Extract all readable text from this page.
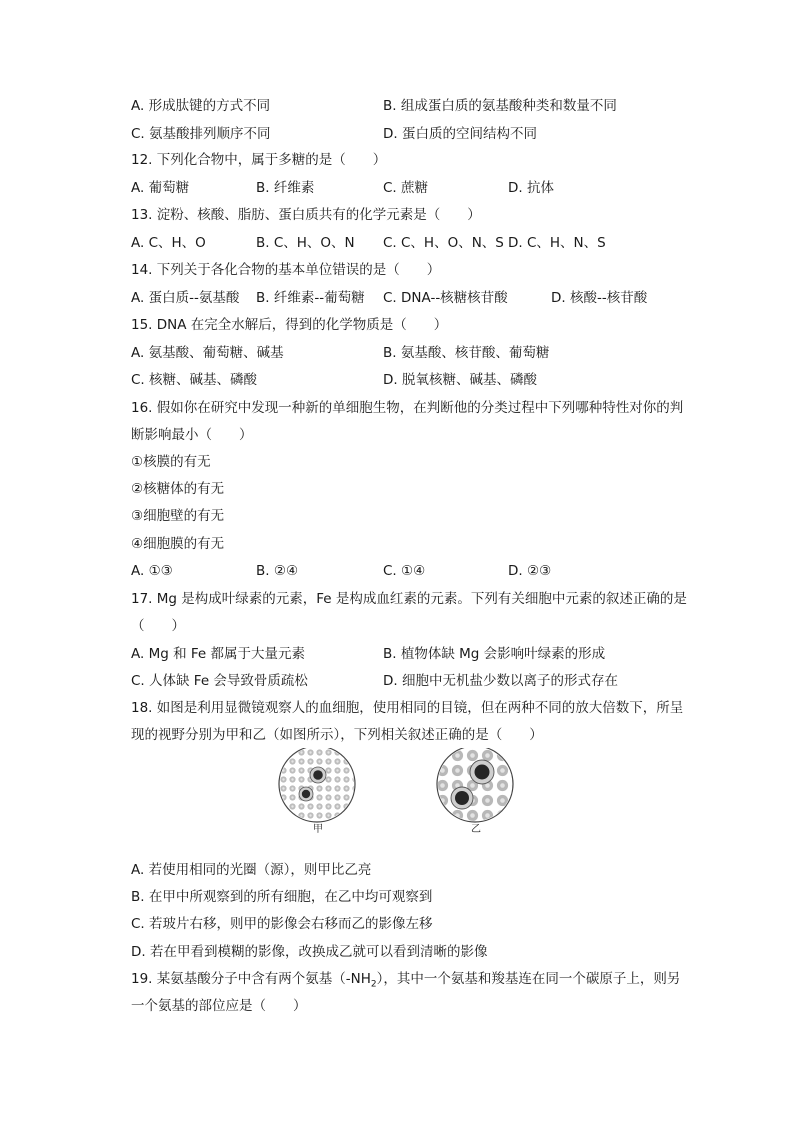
A. 形成肽键的方式不同	B. 组成蛋白质的氨基酸种类和数量不同
C. 氨基酸排列顺序不同	D. 蛋白质的空间结构不同
12. 下列化合物中，属于多糖的是（　　）
A. 葡萄糖	B. 纤维素	C. 蔗糖	D. 抗体
13. 淀粉、核酸、脂肪、蛋白质共有的化学元素是（　　）
A. C、H、O	B. C、H、O、N C. C、H、O、N、S D. C、H、N、S
14. 下列关于各化合物的基本单位错误的是（　　）
A. 蛋白质--氨基酸 B. 纤维素--葡萄糖 C. DNA--核糖核苷酸	D. 核酸--核苷酸
15. DNA 在完全水解后，得到的化学物质是（　　）
A. 氨基酸、葡萄糖、碱基	B. 氨基酸、核苷酸、葡萄糖
C. 核糖、碱基、磷酸	D. 脱氧核糖、碱基、磷酸
16. 假如你在研究中发现一种新的单细胞生物，在判断他的分类过程中下列哪种特性对你的判
断影响最小（　　）
①核膜的有无
②核糖体的有无
③细胞壁的有无
④细胞膜的有无
A. ①③	B. ②④	C. ①④	D. ②③
17. Mg 是构成叶绿素的元素，Fe 是构成血红素的元素。下列有关细胞中元素的叙述正确的是
（　　）
A. Mg 和 Fe 都属于大量元素	B. 植物体缺 Mg 会影响叶绿素的形成
C. 人体缺 Fe 会导致骨质疏松	D. 细胞中无机盐少数以离子的形式存在
18. 如图是利用显微镜观察人的血细胞，使用相同的目镜，但在两种不同的放大倍数下，所呈
现的视野分别为甲和乙（如图所示），下列相关叙述正确的是（　　）
甲	乙
A. 若使用相同的光圈（源），则甲比乙亮
B. 在甲中所观察到的所有细胞，在乙中均可观察到
C. 若玻片右移，则甲的影像会右移而乙的影像左移
D. 若在甲看到模糊的影像，改换成乙就可以看到清晰的影像
19. 某氨基酸分子中含有两个氨基$(-NH_2)$，其中一个氨基和羧基连在同一个碳原子上，则另
一个氨基的部位应是（　　）
